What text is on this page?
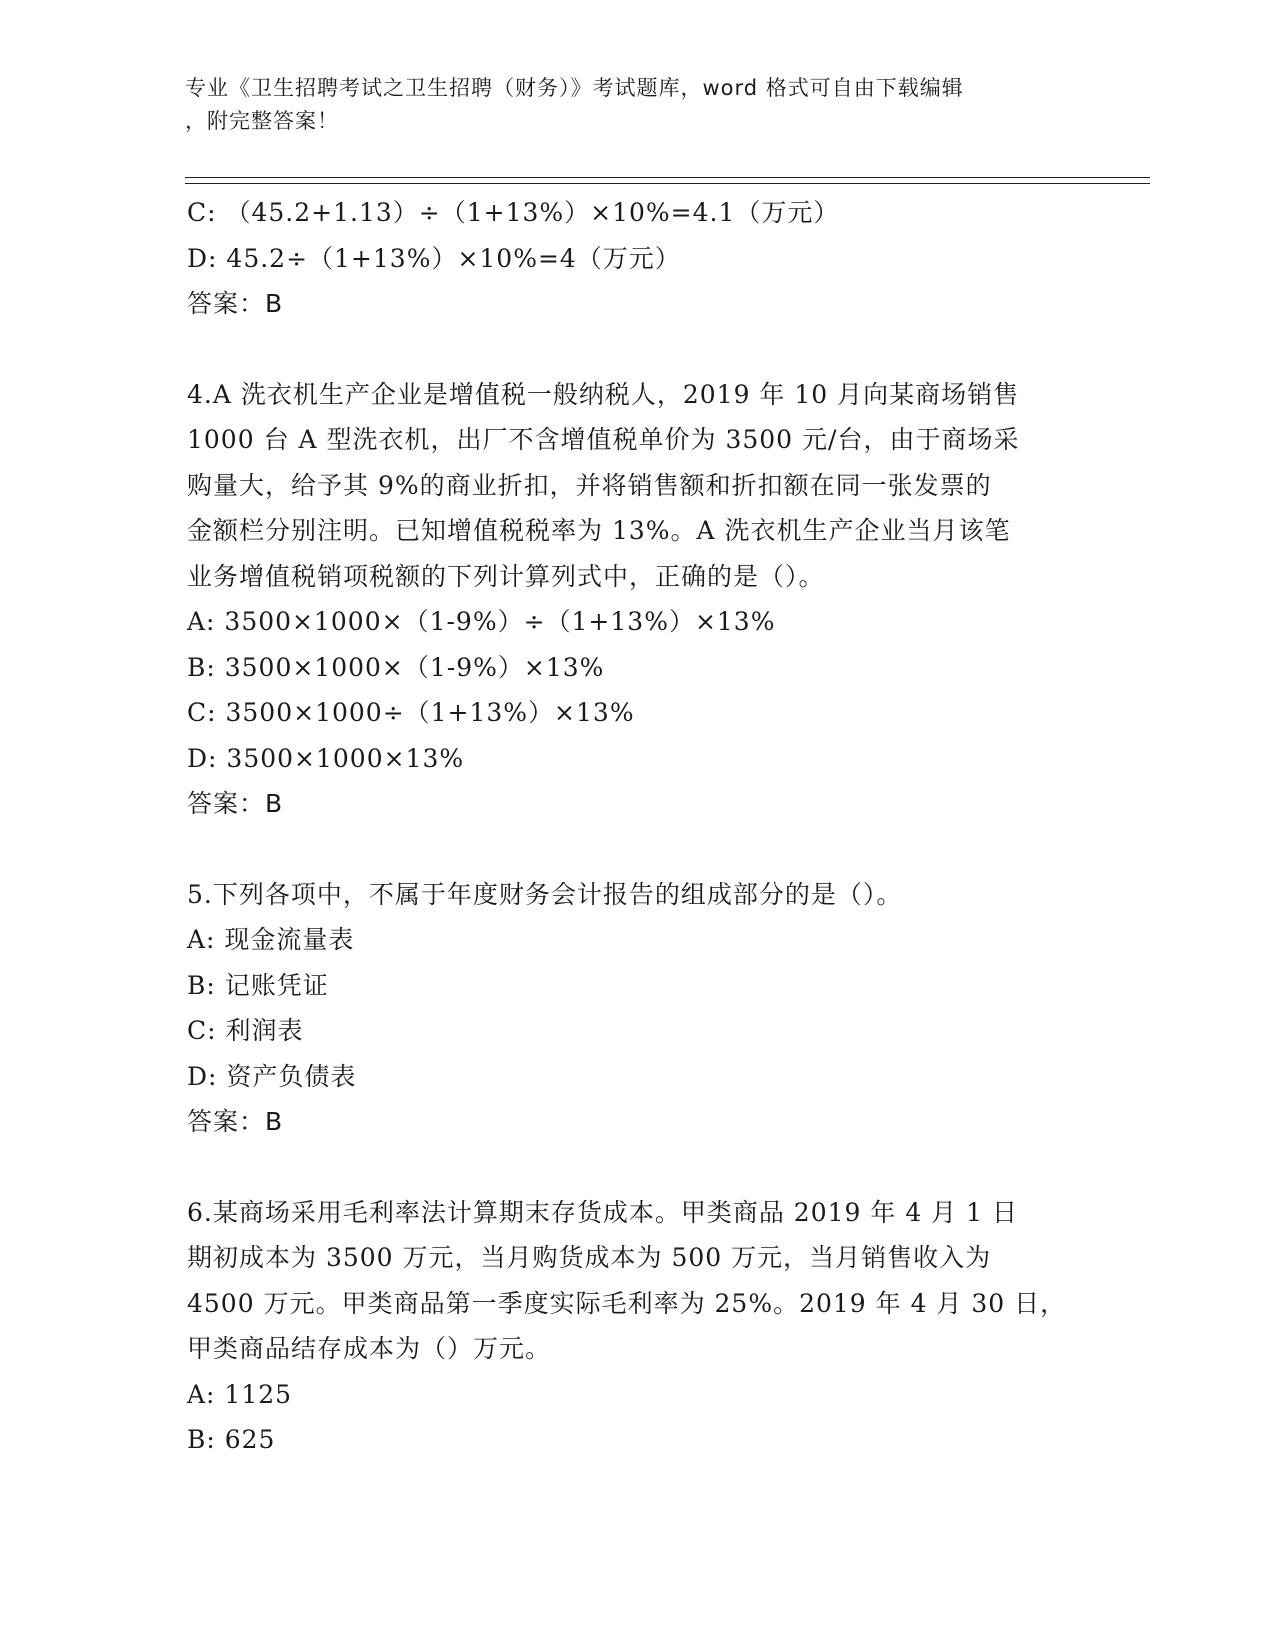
专业《卫生招聘考试之卫生招聘（财务）》考试题库，word 格式可自由下载编辑
，附完整答案！
C: （45.2+1.13）÷（1+13%）×10%=4.1（万元）
D: 45.2÷（1+13%）×10%=4（万元）
答案：B
4.A 洗衣机生产企业是增值税一般纳税人，2019 年 10 月向某商场销售
1000 台 A 型洗衣机，出厂不含增值税单价为 3500 元/台，由于商场采
购量大，给予其 9%的商业折扣，并将销售额和折扣额在同一张发票的
金额栏分别注明。已知增值税税率为 13%。A 洗衣机生产企业当月该笔
业务增值税销项税额的下列计算列式中，正确的是（）。
A: 3500×1000×（1-9%）÷（1+13%）×13%
B: 3500×1000×（1-9%）×13%
C: 3500×1000÷（1+13%）×13%
D: 3500×1000×13%
答案：B
5.下列各项中，不属于年度财务会计报告的组成部分的是（）。
A: 现金流量表
B: 记账凭证
C: 利润表
D: 资产负债表
答案：B
6.某商场采用毛利率法计算期末存货成本。甲类商品 2019 年 4 月 1 日
期初成本为 3500 万元，当月购货成本为 500 万元，当月销售收入为
4500 万元。甲类商品第一季度实际毛利率为 25%。2019 年 4 月 30 日，
甲类商品结存成本为（）万元。
A: 1125
B: 625
